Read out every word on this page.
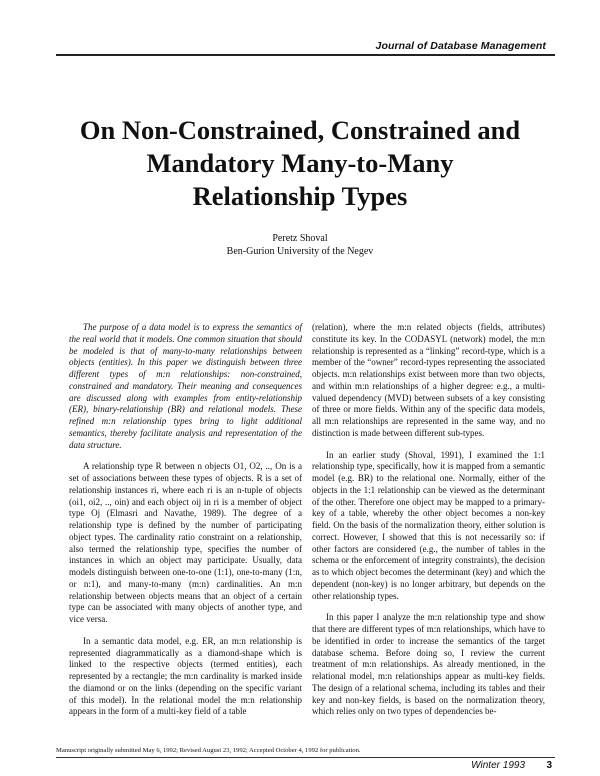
Journal of Database Management
On Non-Constrained, Constrained and
Mandatory Many-to-Many
Relationship Types
Peretz Shoval
Ben-Gurion University of the Negev

The purpose of a data model is to express the semantics of the real world that it models. One common situation that should be modeled is that of many-to-many relationships between objects (entities). In this paper we distinguish between three different types of m:n relationships: non-constrained, constrained and mandatory. Their meaning and consequences are discussed along with examples from entity-relationship (ER), binary-relationship (BR) and relational models. These refined m:n relationship types bring to light additional semantics, thereby facilitate analysis and representation of the data structure.

A relationship type R between n objects O1, O2, .., On is a set of associations between these types of objects. R is a set of relationship instances ri, where each ri is an n-tuple of objects (oi1, oi2, .., oin) and each object oij in ri is a member of object type Oj (Elmasri and Navathe, 1989). The degree of a relationship type is defined by the number of participating object types. The cardinality ratio constraint on a relationship, also termed the relationship type, specifies the number of instances in which an object may participate. Usually, data models distinguish between one-to-one (1:1), one-to-many (1:n, or n:1), and many-to-many (m:n) cardinalities. An m:n relationship between objects means that an object of a certain type can be associated with many objects of another type, and vice versa.

In a semantic data model, e.g. ER, an m:n relationship is represented diagrammatically as a diamond-shape which is linked to the respective objects (termed entities), each represented by a rectangle; the m:n cardinality is marked inside the diamond or on the links (depending on the specific variant of this model). In the relational model the m:n relationship appears in the form of a multi-key field of a table

(relation), where the m:n related objects (fields, attributes) constitute its key. In the CODASYL (network) model, the m:n relationship is represented as a “linking” record-type, which is a member of the “owner” record-types representing the associated objects. m:n relationships exist between more than two objects, and within m:n relationships of a higher degree: e.g., a multi-valued dependency (MVD) between subsets of a key consisting of three or more fields. Within any of the specific data models, all m:n relationships are represented in the same way, and no distinction is made between different sub-types.

In an earlier study (Shoval, 1991), I examined the 1:1 relationship type, specifically, how it is mapped from a semantic model (e.g. BR) to the relational one. Normally, either of the objects in the 1:1 relationship can be viewed as the determinant of the other. Therefore one object may be mapped to a primary-key of a table, whereby the other object becomes a non-key field. On the basis of the normalization theory, either solution is correct. However, I showed that this is not necessarily so: if other factors are considered (e.g., the number of tables in the schema or the enforcement of integrity constraints), the decision as to which object becomes the determinant (key) and which the dependent (non-key) is no longer arbitrary, but depends on the other relationship types.

In this paper I analyze the m:n relationship type and show that there are different types of m:n relationships, which have to be identified in order to increase the semantics of the target database schema. Before doing so, I review the current treatment of m:n relationships. As already mentioned, in the relational model, m:n relationships appear as multi-key fields. The design of a relational schema, including its tables and their key and non-key fields, is based on the normalization theory, which relies only on two types of dependencies be-

Manuscript originally submitted May 6, 1992; Revised August 23, 1992; Accepted October 4, 1992 for publication.
Winter 1993	3
